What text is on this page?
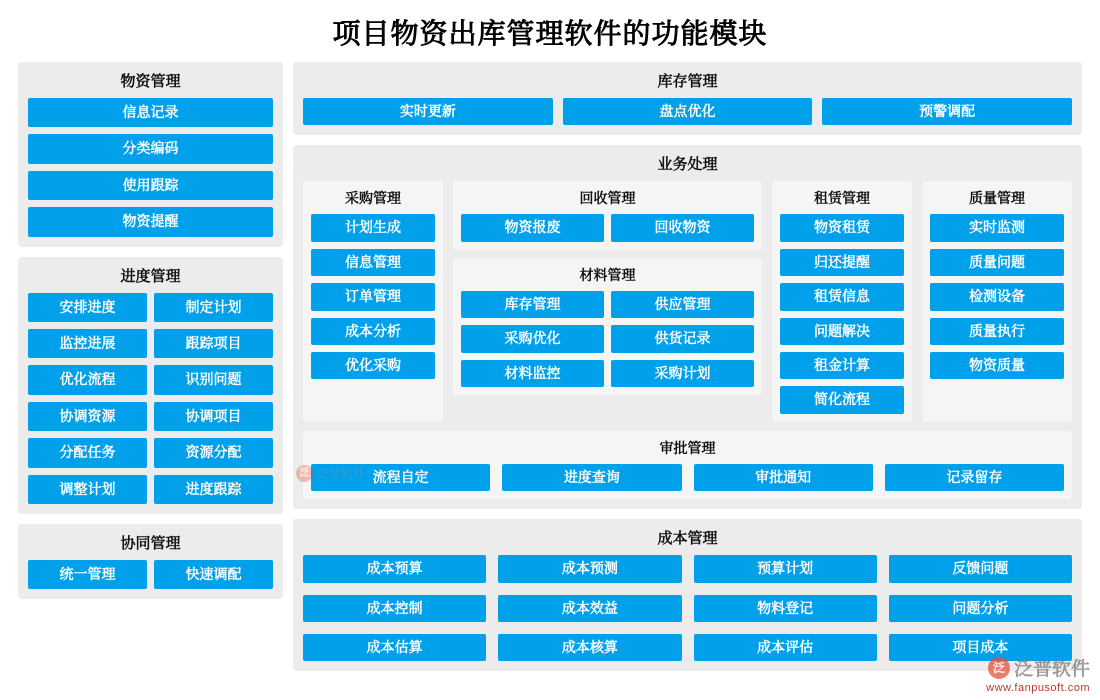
项目物资出库管理软件的功能模块
物资管理
信息记录
分类编码
使用跟踪
物资提醒
进度管理
安排进度	制定计划
监控进展	跟踪项目
优化流程	识别问题
协调资源	协调项目
分配任务	资源分配
调整计划	进度跟踪
协同管理
统一管理	快速调配
库存管理
实时更新	盘点优化	预警调配
业务处理
采购管理
计划生成
信息管理
订单管理
成本分析
优化采购
回收管理
物资报废	回收物资
材料管理
库存管理	供应管理
采购优化	供货记录
材料监控	采购计划
租赁管理
物资租赁
归还提醒
租赁信息
问题解决
租金计算
简化流程
质量管理
实时监测
质量问题
检测设备
质量执行
物资质量
审批管理
流程自定	进度查询	审批通知	记录留存
成本管理
成本预算	成本预测	预算计划	反馈问题
成本控制	成本效益	物料登记	问题分析
成本估算	成本核算	成本评估	项目成本
泛 泛普软件
泛 泛普软件
www.fanpusoft.com
